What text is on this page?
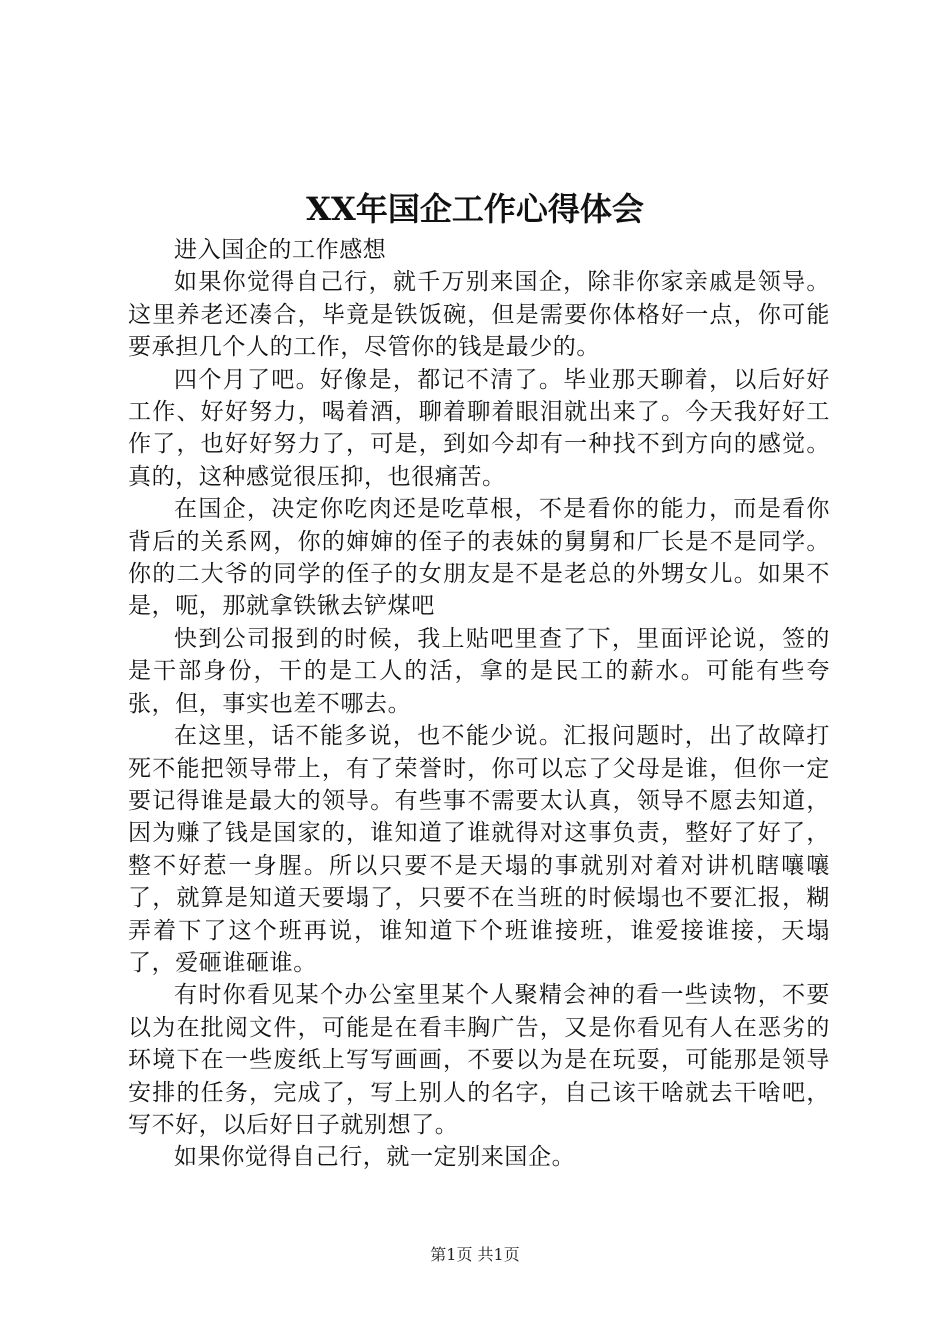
XX年国企工作心得体会

进入国企的工作感想

如果你觉得自己行，就千万别来国企，除非你家亲戚是领导。这里养老还凑合，毕竟是铁饭碗，但是需要你体格好一点，你可能要承担几个人的工作，尽管你的钱是最少的。

四个月了吧。好像是，都记不清了。毕业那天聊着，以后好好工作、好好努力，喝着酒，聊着聊着眼泪就出来了。今天我好好工作了，也好好努力了，可是，到如今却有一种找不到方向的感觉。真的，这种感觉很压抑，也很痛苦。

在国企，决定你吃肉还是吃草根，不是看你的能力，而是看你背后的关系网，你的婶婶的侄子的表妹的舅舅和厂长是不是同学。你的二大爷的同学的侄子的女朋友是不是老总的外甥女儿。如果不是，呃，那就拿铁锹去铲煤吧

快到公司报到的时候，我上贴吧里查了下，里面评论说，签的是干部身份，干的是工人的活，拿的是民工的薪水。可能有些夸张，但，事实也差不哪去。

在这里，话不能多说，也不能少说。汇报问题时，出了故障打死不能把领导带上，有了荣誉时，你可以忘了父母是谁，但你一定要记得谁是最大的领导。有些事不需要太认真，领导不愿去知道，因为赚了钱是国家的，谁知道了谁就得对这事负责，整好了好了，整不好惹一身腥。所以只要不是天塌的事就别对着对讲机瞎嚷嚷了，就算是知道天要塌了，只要不在当班的时候塌也不要汇报，糊弄着下了这个班再说，谁知道下个班谁接班，谁爱接谁接，天塌了，爱砸谁砸谁。

有时你看见某个办公室里某个人聚精会神的看一些读物，不要以为在批阅文件，可能是在看丰胸广告，又是你看见有人在恶劣的环境下在一些废纸上写写画画，不要以为是在玩耍，可能那是领导安排的任务，完成了，写上别人的名字，自己该干啥就去干啥吧，写不好，以后好日子就别想了。

如果你觉得自己行，就一定别来国企。

第1页 共1页
